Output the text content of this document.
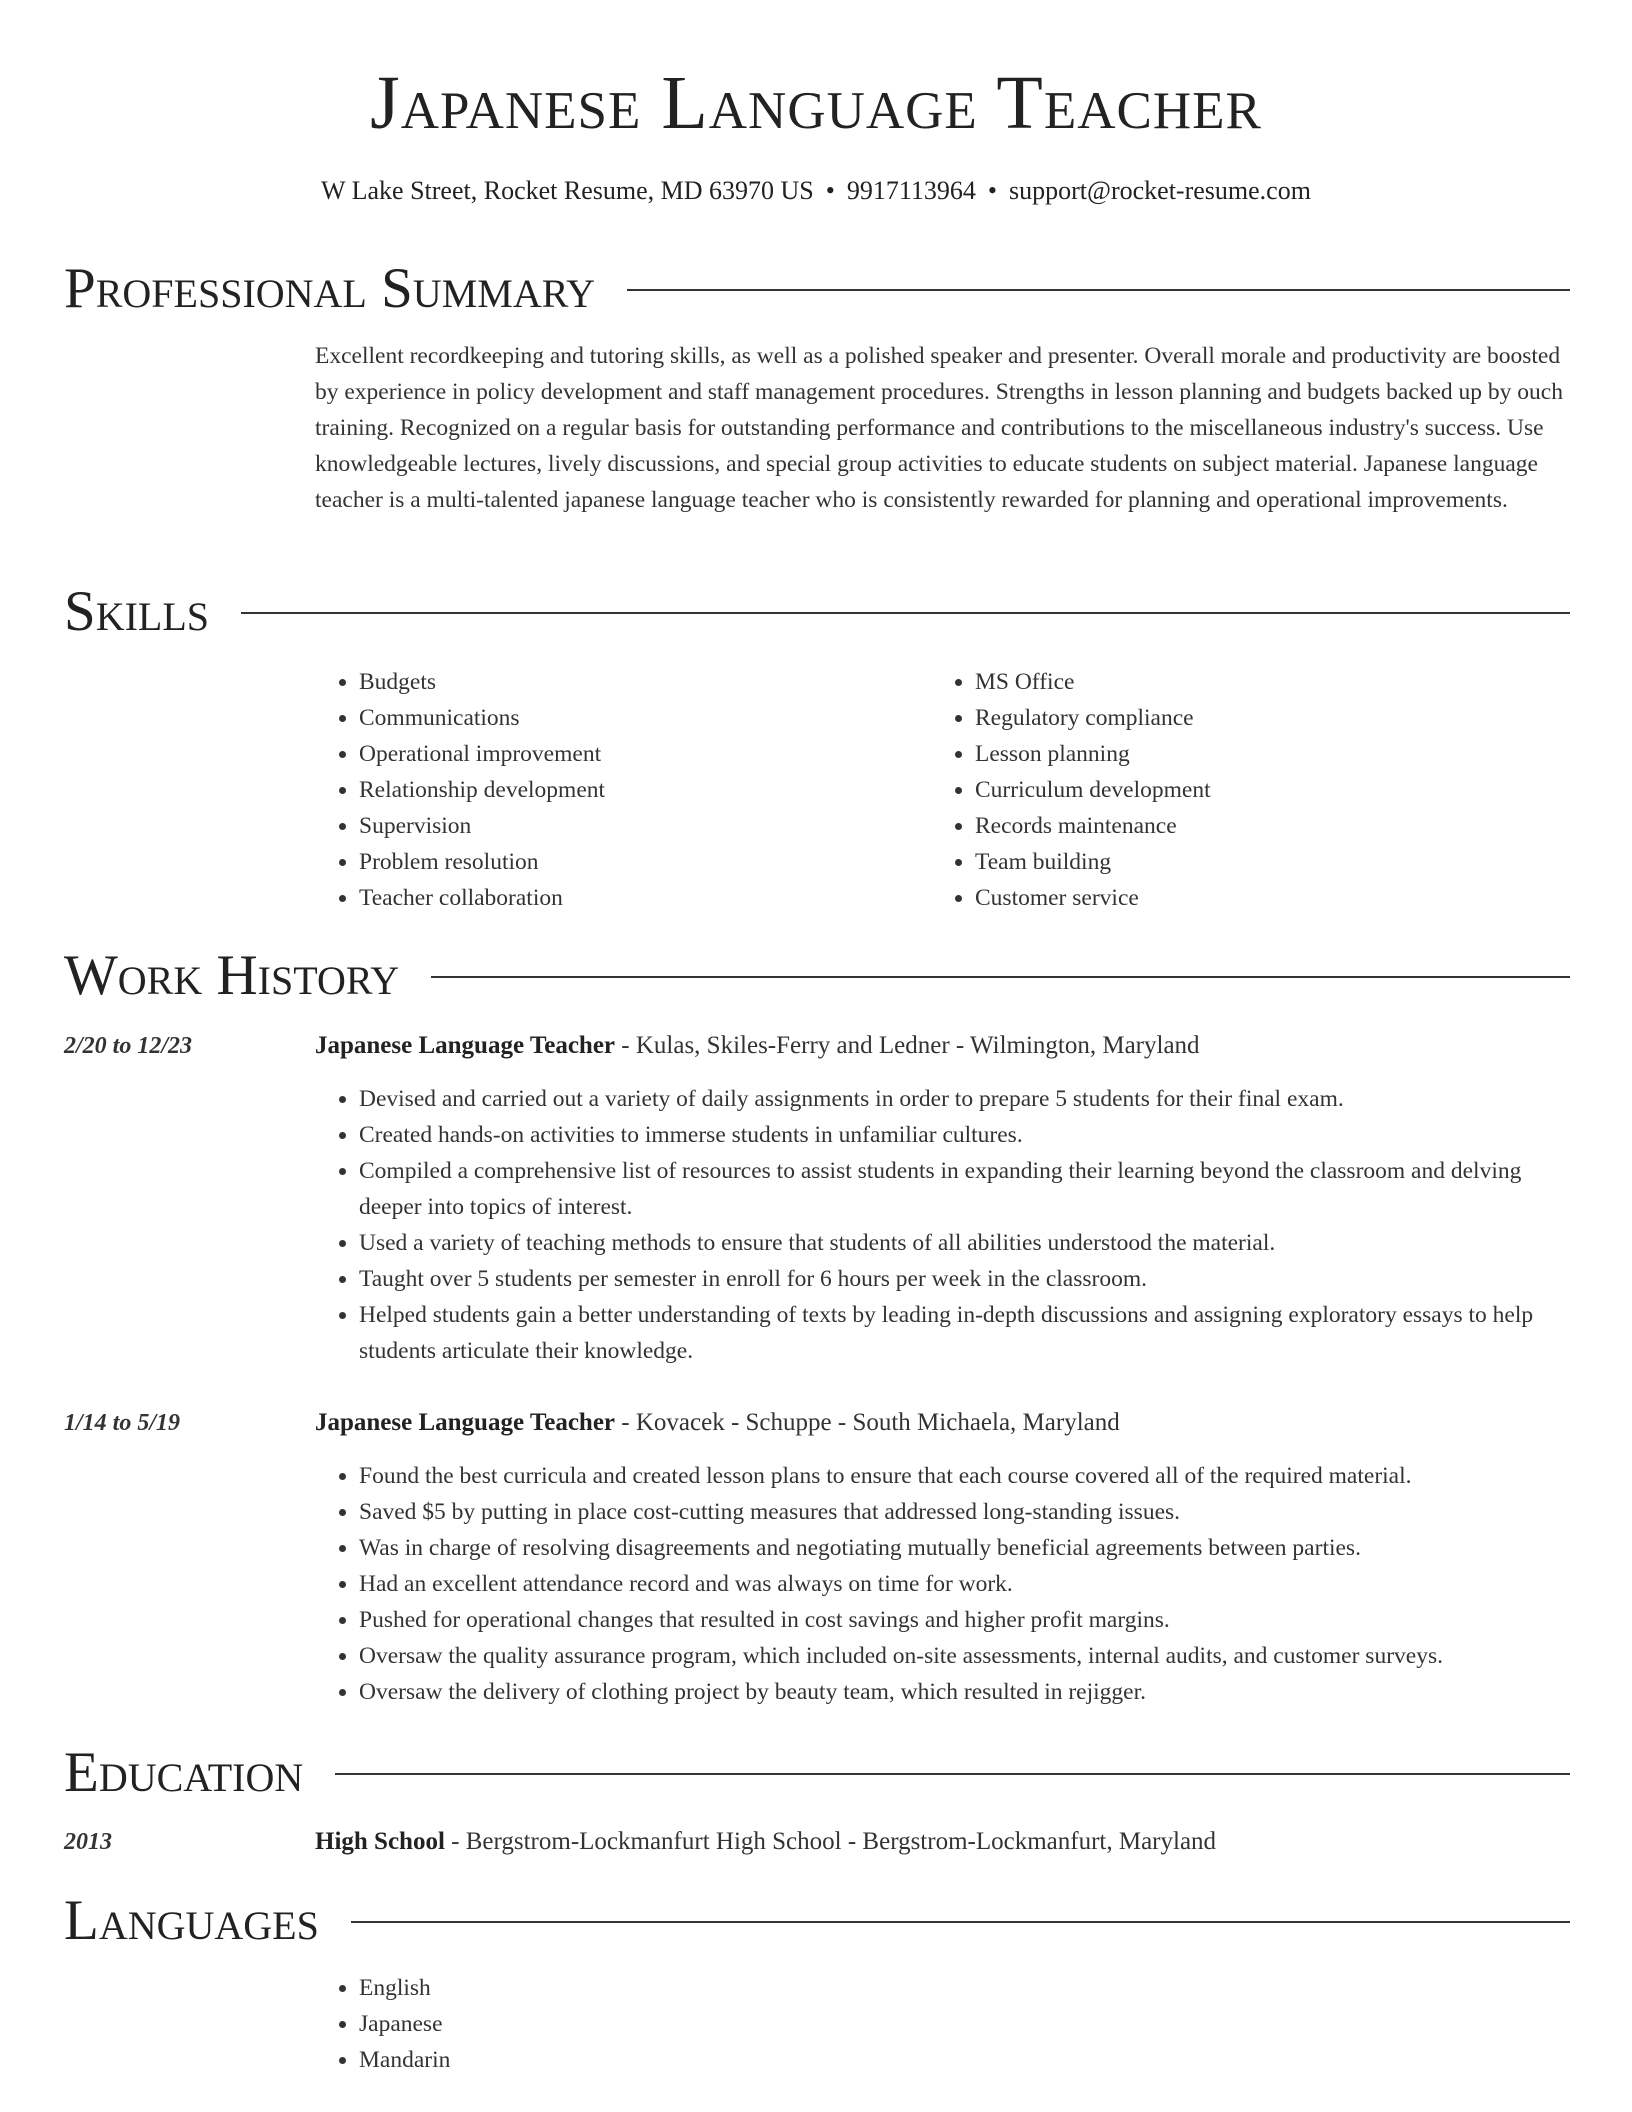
Japanese Language Teacher
W Lake Street, Rocket Resume, MD 63970 US • 9917113964 • support@rocket-resume.com
Professional Summary

Excellent recordkeeping and tutoring skills, as well as a polished speaker and presenter. Overall morale and productivity are boosted by experience in policy development and staff management procedures. Strengths in lesson planning and budgets backed up by ouch training. Recognized on a regular basis for outstanding performance and contributions to the miscellaneous industry's success. Use knowledgeable lectures, lively discussions, and special group activities to educate students on subject material. Japanese language teacher is a multi-talented japanese language teacher who is consistently rewarded for planning and operational improvements.

Skills
• Budgets
• Communications
• Operational improvement
• Relationship development
• Supervision
• Problem resolution
• Teacher collaboration
• MS Office
• Regulatory compliance
• Lesson planning
• Curriculum development
• Records maintenance
• Team building
• Customer service
Work History
2/20 to 12/23	Japanese Language Teacher - Kulas, Skiles-Ferry and Ledner - Wilmington, Maryland
• Devised and carried out a variety of daily assignments in order to prepare 5 students for their final exam.
• Created hands-on activities to immerse students in unfamiliar cultures.
• Compiled a comprehensive list of resources to assist students in expanding their learning beyond the classroom and delving deeper into topics of interest.
• Used a variety of teaching methods to ensure that students of all abilities understood the material.
• Taught over 5 students per semester in enroll for 6 hours per week in the classroom.
• Helped students gain a better understanding of texts by leading in-depth discussions and assigning exploratory essays to help students articulate their knowledge.
1/14 to 5/19	Japanese Language Teacher - Kovacek - Schuppe - South Michaela, Maryland
• Found the best curricula and created lesson plans to ensure that each course covered all of the required material.
• Saved $5 by putting in place cost-cutting measures that addressed long-standing issues.
• Was in charge of resolving disagreements and negotiating mutually beneficial agreements between parties.
• Had an excellent attendance record and was always on time for work.
• Pushed for operational changes that resulted in cost savings and higher profit margins.
• Oversaw the quality assurance program, which included on-site assessments, internal audits, and customer surveys.
• Oversaw the delivery of clothing project by beauty team, which resulted in rejigger.
Education
2013	High School - Bergstrom-Lockmanfurt High School - Bergstrom-Lockmanfurt, Maryland
Languages
• English
• Japanese
• Mandarin
